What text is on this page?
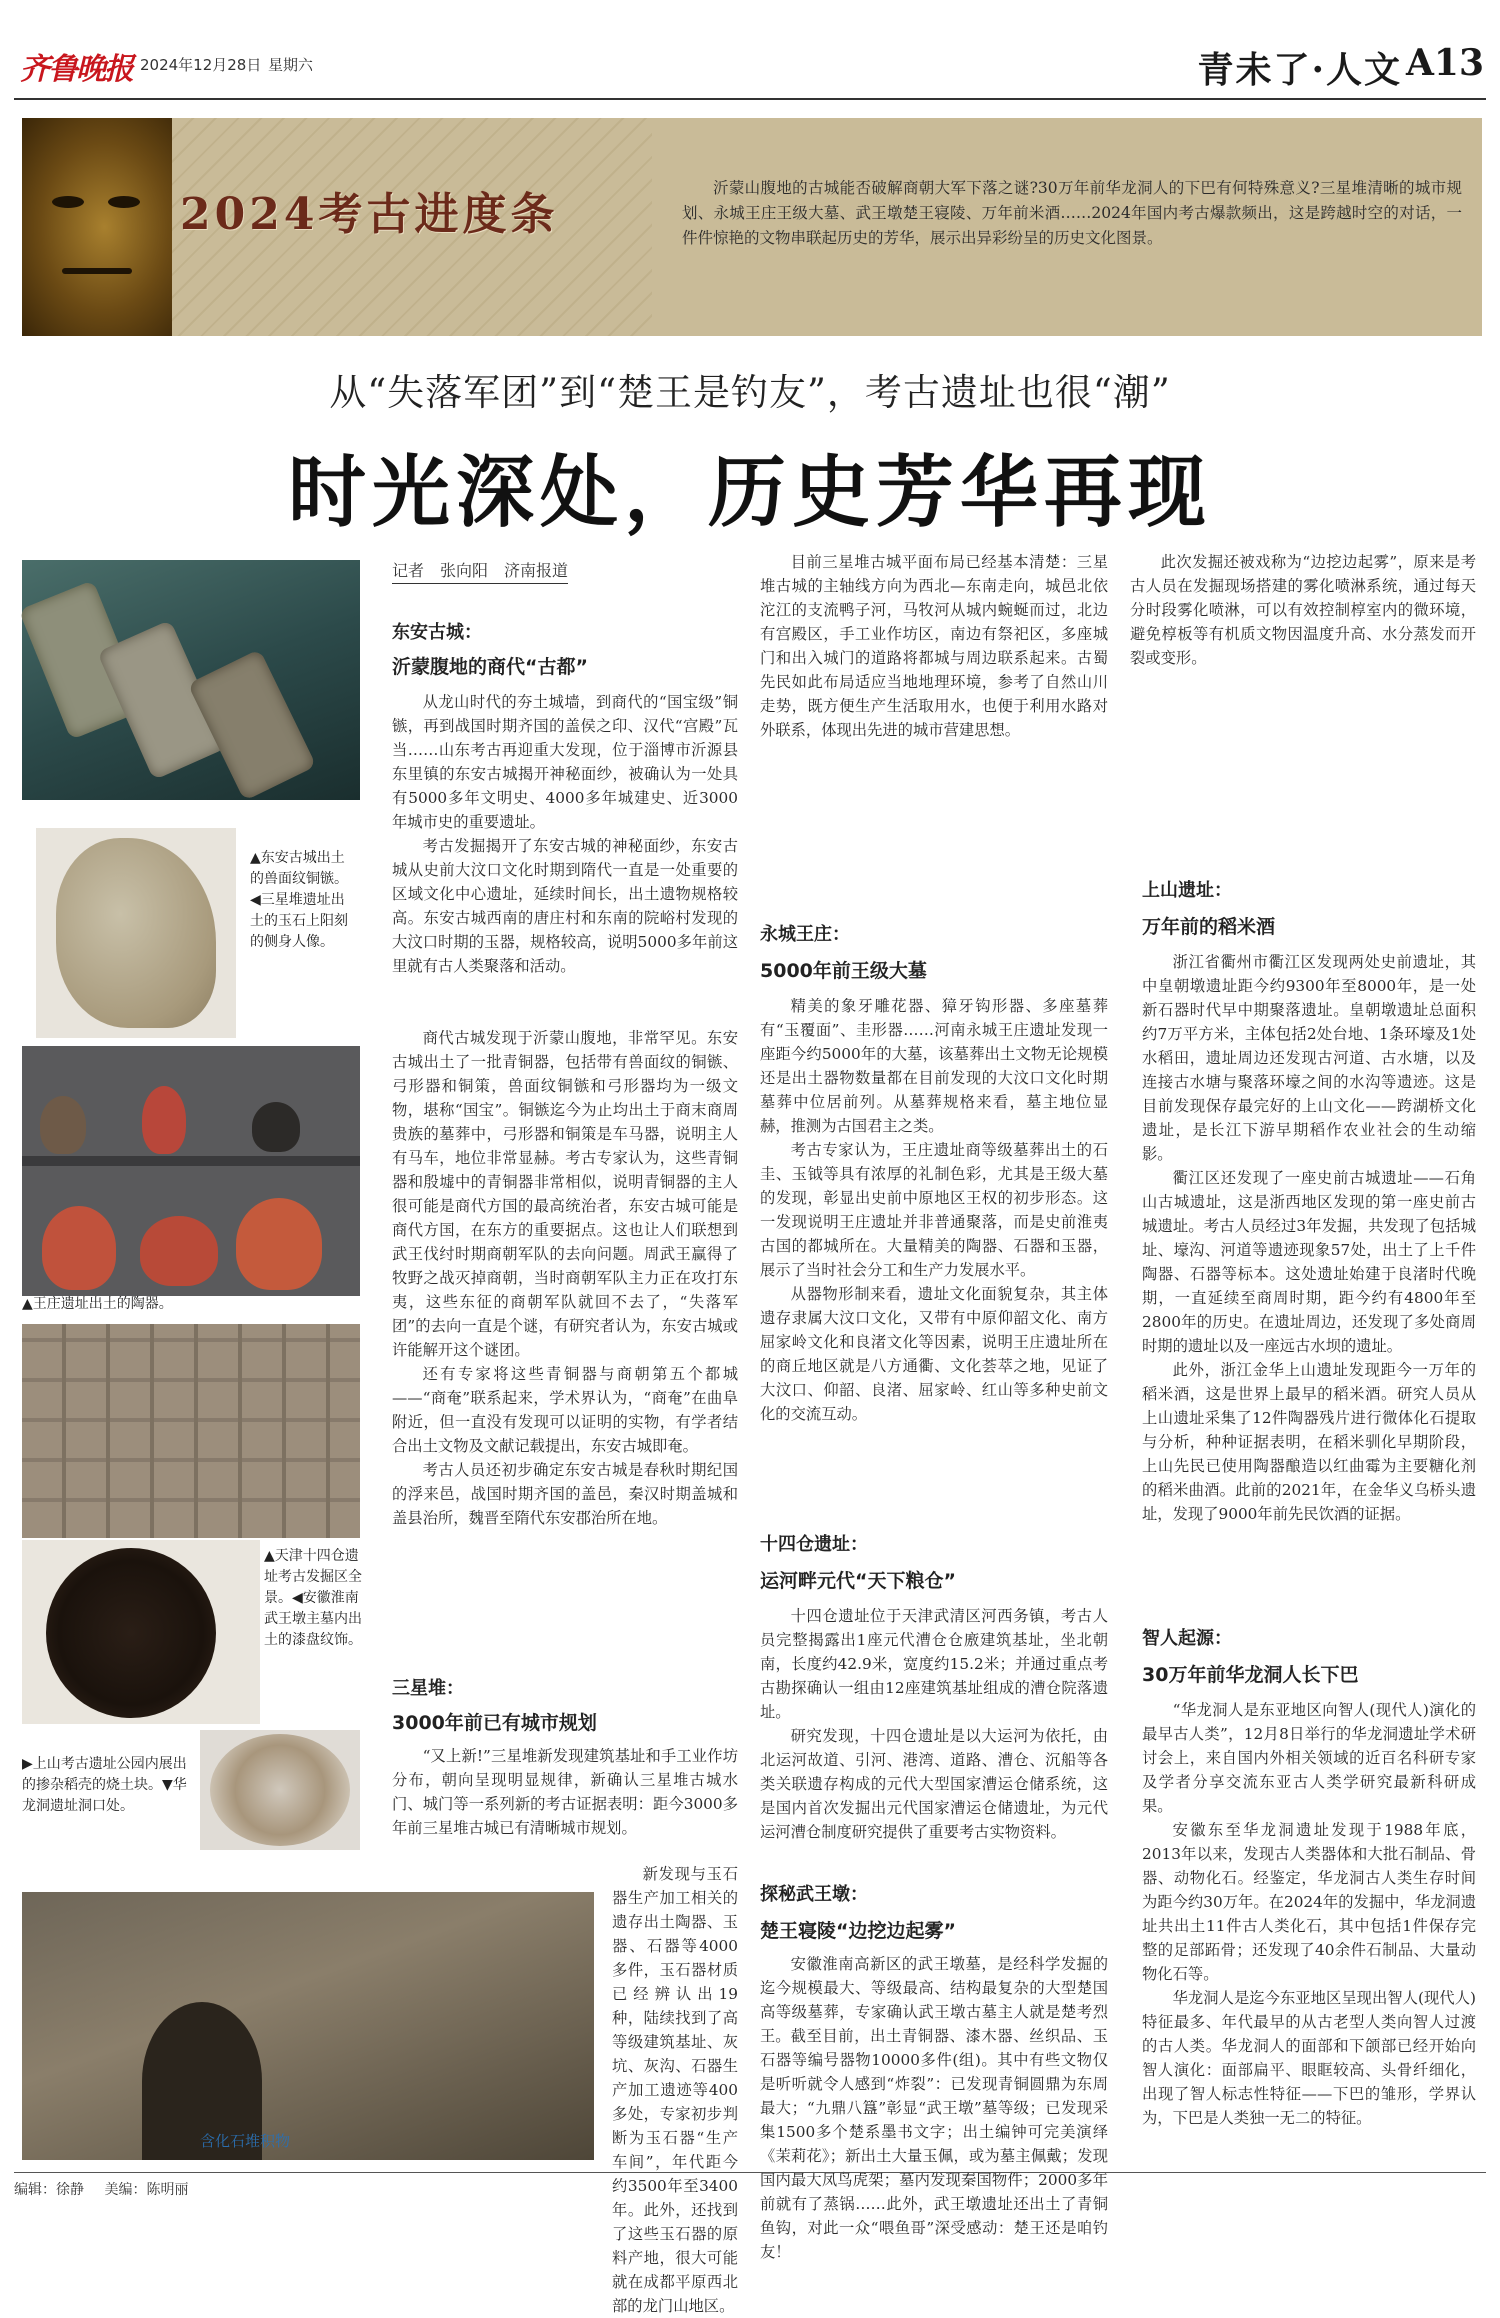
齐鲁晚报 2024年12月28日 星期六	青未了·人文 A13
2024考古进度条
沂蒙山腹地的古城能否破解商朝大军下落之谜?30万年前华龙洞人的下巴有何特殊意义?三星堆清晰的城市规划、永城王庄王级大墓、武王墩楚王寝陵、万年前米酒……2024年国内考古爆款频出，这是跨越时空的对话，一件件惊艳的文物串联起历史的芳华，展示出异彩纷呈的历史文化图景。
从“失落军团”到“楚王是钓友”，考古遗址也很“潮”
时光深处，历史芳华再现
▲东安古城出土的兽面纹铜镞。◀三星堆遗址出土的玉石上阳刻的侧身人像。
▲王庄遗址出土的陶器。
▲天津十四仓遗址考古发掘区全景。◀安徽淮南武王墩主墓内出土的漆盘纹饰。
▶上山考古遗址公园内展出的掺杂稻壳的烧土块。▼华龙洞遗址洞口处。
含化石堆积物
记者　张向阳　济南报道
东安古城：
沂蒙腹地的商代“古都”

从龙山时代的夯土城墙，到商代的“国宝级”铜镞，再到战国时期齐国的盖侯之印、汉代“宫殿”瓦当……山东考古再迎重大发现，位于淄博市沂源县东里镇的东安古城揭开神秘面纱，被确认为一处具有5000多年文明史、4000多年城建史、近3000年城市史的重要遗址。

考古发掘揭开了东安古城的神秘面纱，东安古城从史前大汶口文化时期到隋代一直是一处重要的区域文化中心遗址，延续时间长，出土遗物规格较高。东安古城西南的唐庄村和东南的院峪村发现的大汶口时期的玉器，规格较高，说明5000多年前这里就有古人类聚落和活动。

商代古城发现于沂蒙山腹地，非常罕见。东安古城出土了一批青铜器，包括带有兽面纹的铜镞、弓形器和铜策，兽面纹铜镞和弓形器均为一级文物，堪称“国宝”。铜镞迄今为止均出土于商末商周贵族的墓葬中，弓形器和铜策是车马器，说明主人有马车，地位非常显赫。考古专家认为，这些青铜器和殷墟中的青铜器非常相似，说明青铜器的主人很可能是商代方国的最高统治者，东安古城可能是商代方国，在东方的重要据点。这也让人们联想到武王伐纣时期商朝军队的去向问题。周武王赢得了牧野之战灭掉商朝，当时商朝军队主力正在攻打东夷，这些东征的商朝军队就回不去了，“失落军团”的去向一直是个谜，有研究者认为，东安古城或许能解开这个谜团。

还有专家将这些青铜器与商朝第五个都城——“商奄”联系起来，学术界认为，“商奄”在曲阜附近，但一直没有发现可以证明的实物，有学者结合出土文物及文献记载提出，东安古城即奄。

考古人员还初步确定东安古城是春秋时期纪国的浮来邑，战国时期齐国的盖邑，秦汉时期盖城和盖县治所，魏晋至隋代东安郡治所在地。

三星堆：
3000年前已有城市规划

“又上新!”三星堆新发现建筑基址和手工业作坊分布，朝向呈现明显规律，新确认三星堆古城水门、城门等一系列新的考古证据表明：距今3000多年前三星堆古城已有清晰城市规划。

新发现与玉石器生产加工相关的遗存出土陶器、玉器、石器等4000多件，玉石器材质已经辨认出19种，陆续找到了高等级建筑基址、灰坑、灰沟、石器生产加工遗迹等400多处，专家初步判断为玉石器“生产车间”，年代距今约3500年至3400年。此外，还找到了这些玉石器的原料产地，很大可能就在成都平原西北部的龙门山地区。

目前三星堆古城平面布局已经基本清楚：三星堆古城的主轴线方向为西北—东南走向，城邑北依沱江的支流鸭子河，马牧河从城内蜿蜒而过，北边有宫殿区，手工业作坊区，南边有祭祀区，多座城门和出入城门的道路将都城与周边联系起来。古蜀先民如此布局适应当地地理环境，参考了自然山川走势，既方便生产生活取用水，也便于利用水路对外联系，体现出先进的城市营建思想。

永城王庄：
5000年前王级大墓

精美的象牙雕花器、獐牙钩形器、多座墓葬有“玉覆面”、圭形器……河南永城王庄遗址发现一座距今约5000年的大墓，该墓葬出土文物无论规模还是出土器物数量都在目前发现的大汶口文化时期墓葬中位居前列。从墓葬规格来看，墓主地位显赫，推测为古国君主之类。

考古专家认为，王庄遗址商等级墓葬出土的石圭、玉钺等具有浓厚的礼制色彩，尤其是王级大墓的发现，彰显出史前中原地区王权的初步形态。这一发现说明王庄遗址并非普通聚落，而是史前淮夷古国的都城所在。大量精美的陶器、石器和玉器，展示了当时社会分工和生产力发展水平。

从器物形制来看，遗址文化面貌复杂，其主体遗存隶属大汶口文化，又带有中原仰韶文化、南方屈家岭文化和良渚文化等因素，说明王庄遗址所在的商丘地区就是八方通衢、文化荟萃之地，见证了大汶口、仰韶、良渚、屈家岭、红山等多种史前文化的交流互动。

十四仓遗址：
运河畔元代“天下粮仓”

十四仓遗址位于天津武清区河西务镇，考古人员完整揭露出1座元代漕仓仓廒建筑基址，坐北朝南，长度约42.9米，宽度约15.2米；并通过重点考古勘探确认一组由12座建筑基址组成的漕仓院落遗址。

研究发现，十四仓遗址是以大运河为依托，由北运河故道、引河、港湾、道路、漕仓、沉船等各类关联遗存构成的元代大型国家漕运仓储系统，这是国内首次发掘出元代国家漕运仓储遗址，为元代运河漕仓制度研究提供了重要考古实物资料。

探秘武王墩：
楚王寝陵“边挖边起雾”

安徽淮南高新区的武王墩墓，是经科学发掘的迄今规模最大、等级最高、结构最复杂的大型楚国高等级墓葬，专家确认武王墩古墓主人就是楚考烈王。 截至目前，出土青铜器、漆木器、丝织品、玉石器等编号器物10000多件(组)。其中有些文物仅是听听就令人感到“炸裂”：已发现青铜圆鼎为东周最大；“九鼎八簋”彰显“武王墩”墓等级；已发现采集1500多个楚系墨书文字；出土编钟可完美演绎《茉莉花》；新出土大量玉佩，或为墓主佩戴；发现国内最大凤鸟虎架；墓内发现秦国物件；2000多年前就有了蒸锅……此外，武王墩遗址还出土了青铜鱼钩，对此一众“喂鱼哥”深受感动：楚王还是咱钓友！

此次发掘还被戏称为“边挖边起雾”，原来是考古人员在发掘现场搭建的雾化喷淋系统，通过每天分时段雾化喷淋，可以有效控制椁室内的微环境，避免椁板等有机质文物因温度升高、水分蒸发而开裂或变形。

上山遗址：
万年前的稻米酒

浙江省衢州市衢江区发现两处史前遗址，其中皇朝墩遗址距今约9300年至8000年，是一处新石器时代早中期聚落遗址。皇朝墩遗址总面积约7万平方米，主体包括2处台地、1条环壕及1处水稻田，遗址周边还发现古河道、古水塘，以及连接古水塘与聚落环壕之间的水沟等遗迹。这是目前发现保存最完好的上山文化——跨湖桥文化遗址，是长江下游早期稻作农业社会的生动缩影。

衢江区还发现了一座史前古城遗址——石角山古城遗址，这是浙西地区发现的第一座史前古城遗址。考古人员经过3年发掘，共发现了包括城址、壕沟、河道等遗迹现象57处，出土了上千件陶器、石器等标本。这处遗址始建于良渚时代晚期，一直延续至商周时期，距今约有4800年至2800年的历史。在遗址周边，还发现了多处商周时期的遗址以及一座远古水坝的遗址。

此外，浙江金华上山遗址发现距今一万年的稻米酒，这是世界上最早的稻米酒。研究人员从上山遗址采集了12件陶器残片进行微体化石提取与分析，种种证据表明，在稻米驯化早期阶段，上山先民已使用陶器酿造以红曲霉为主要糖化剂的稻米曲酒。此前的2021年，在金华义乌桥头遗址，发现了9000年前先民饮酒的证据。

智人起源：
30万年前华龙洞人长下巴

“华龙洞人是东亚地区向智人(现代人)演化的最早古人类”，12月8日举行的华龙洞遗址学术研讨会上，来自国内外相关领域的近百名科研专家及学者分享交流东亚古人类学研究最新科研成果。

安徽东至华龙洞遗址发现于1988年底，2013年以来，发现古人类器体和大批石制品、骨器、动物化石。经鉴定，华龙洞古人类生存时间为距今约30万年。在2024年的发掘中，华龙洞遗址共出土11件古人类化石，其中包括1件保存完整的足部跖骨；还发现了40余件石制品、大量动物化石等。

华龙洞人是迄今东亚地区呈现出智人(现代人)特征最多、年代最早的从古老型人类向智人过渡的古人类。华龙洞人的面部和下颌部已经开始向智人演化：面部扁平、眼眶较高、头骨纤细化，出现了智人标志性特征——下巴的雏形，学界认为，下巴是人类独一无二的特征。

编辑：徐静 美编：陈明丽
